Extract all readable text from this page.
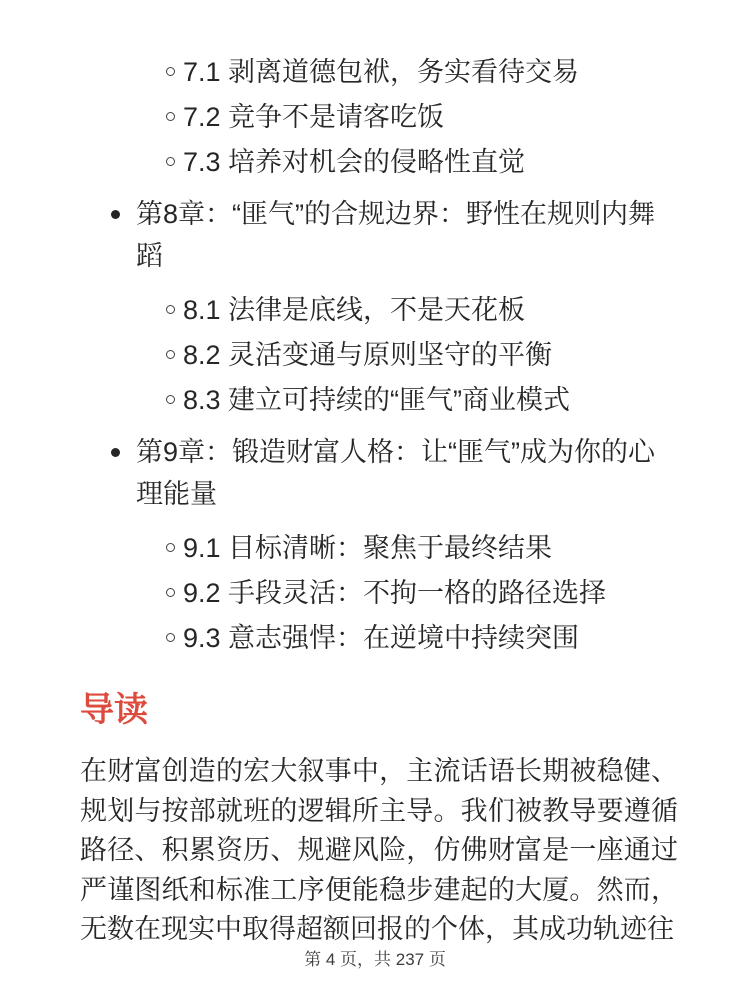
7.1 剥离道德包袱，务实看待交易
7.2 竞争不是请客吃饭
7.3 培养对机会的侵略性直觉
第8章：“匪气”的合规边界：野性在规则内舞蹈
8.1 法律是底线，不是天花板
8.2 灵活变通与原则坚守的平衡
8.3 建立可持续的“匪气”商业模式
第9章：锻造财富人格：让“匪气”成为你的心理能量
9.1 目标清晰：聚焦于最终结果
9.2 手段灵活：不拘一格的路径选择
9.3 意志强悍：在逆境中持续突围
导读

在财富创造的宏大叙事中，主流话语长期被稳健、规划与按部就班的逻辑所主导。我们被教导要遵循路径、积累资历、规避风险，仿佛财富是一座通过严谨图纸和标准工序便能稳步建起的大厦。然而，无数在现实中取得超额回报的个体，其成功轨迹往

第 4 页，共 237 页
